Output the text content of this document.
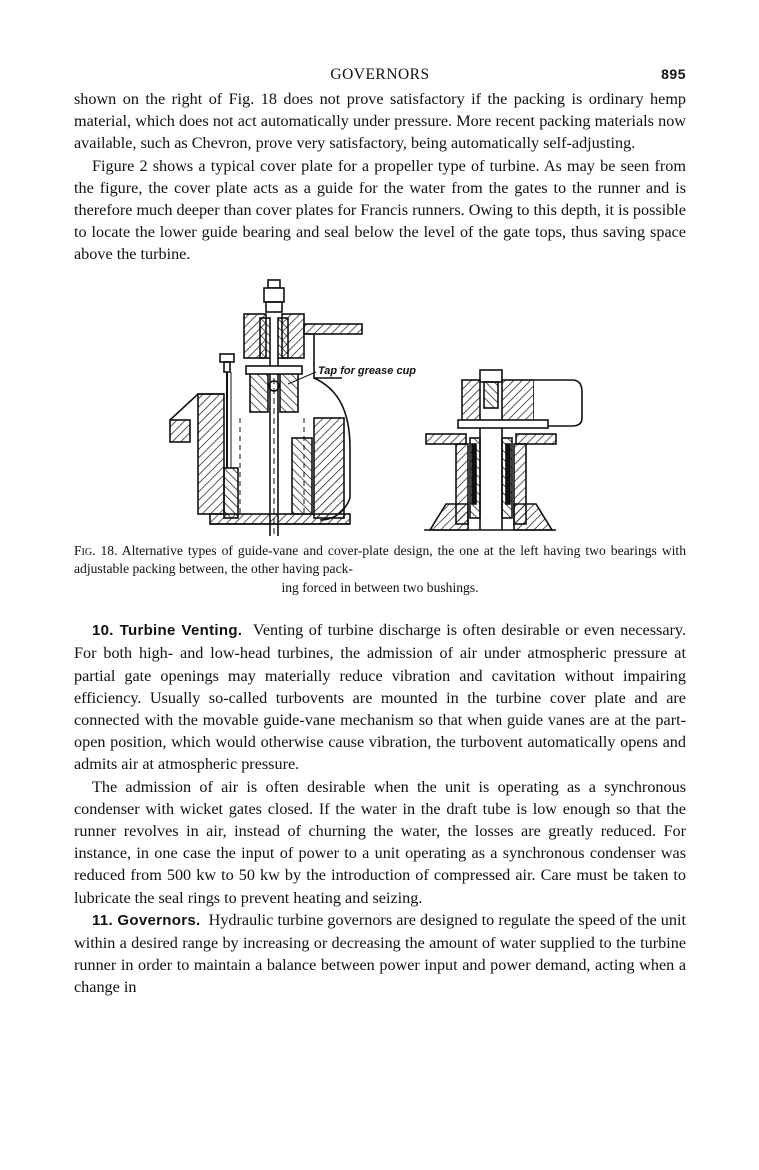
GOVERNORS	895

shown on the right of Fig. 18 does not prove satisfactory if the packing is ordinary hemp material, which does not act automatically under pressure. More recent packing materials now available, such as Chevron, prove very satisfactory, being automatically self-adjusting.

Figure 2 shows a typical cover plate for a propeller type of turbine. As may be seen from the figure, the cover plate acts as a guide for the water from the gates to the runner and is therefore much deeper than cover plates for Francis runners. Owing to this depth, it is possible to locate the lower guide bearing and seal below the level of the gate tops, thus saving space above the turbine.

Tap for grease cup

Fig. 18. Alternative types of guide-vane and cover-plate design, the one at the left having two bearings with adjustable packing between, the other having pack-

ing forced in between two bushings.

10. Turbine Venting. Venting of turbine discharge is often desirable or even necessary. For both high- and low-head turbines, the admission of air under atmospheric pressure at partial gate openings may materially reduce vibration and cavitation without impairing efficiency. Usually so-called turbovents are mounted in the turbine cover plate and are connected with the movable guide-vane mechanism so that when guide vanes are at the part-open position, which would otherwise cause vibration, the turbovent automatically opens and admits air at atmospheric pressure.

The admission of air is often desirable when the unit is operating as a synchronous condenser with wicket gates closed. If the water in the draft tube is low enough so that the runner revolves in air, instead of churning the water, the losses are greatly reduced. For instance, in one case the input of power to a unit operating as a synchronous condenser was reduced from 500 kw to 50 kw by the introduction of compressed air. Care must be taken to lubricate the seal rings to prevent heating and seizing.

11. Governors. Hydraulic turbine governors are designed to regulate the speed of the unit within a desired range by increasing or decreasing the amount of water supplied to the turbine runner in order to maintain a balance between power input and power demand, acting when a change in
